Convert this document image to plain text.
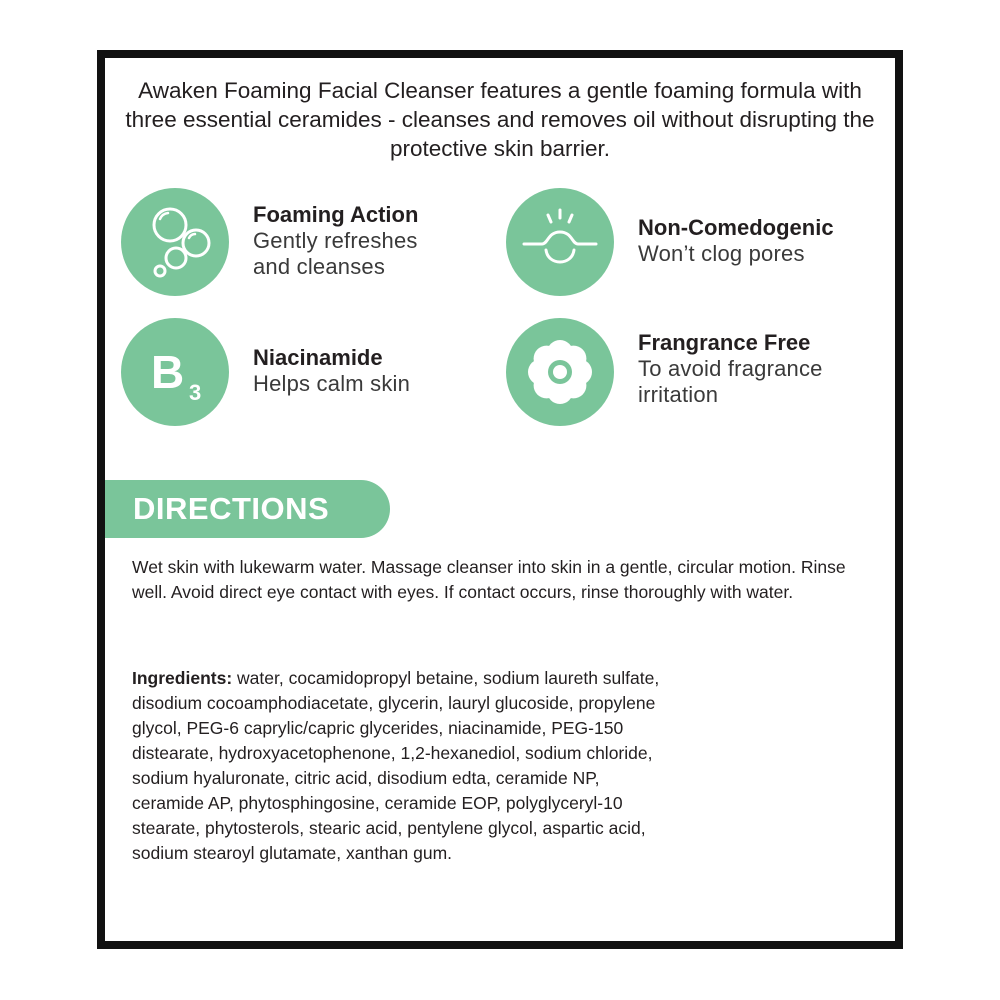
Awaken Foaming Facial Cleanser features a gentle foaming formula with three essential ceramides - cleanses and removes oil without disrupting the protective skin barrier.
Foaming Action
Gently refreshes
and cleanses
Non-Comedogenic
Won’t clog pores
B 3
Niacinamide
Helps calm skin
Frangrance Free
To avoid fragrance
irritation
DIRECTIONS
Wet skin with lukewarm water. Massage cleanser into skin in a gentle, circular motion. Rinse well. Avoid direct eye contact with eyes. If contact occurs, rinse thoroughly with water.
Ingredients: water, cocamidopropyl betaine, sodium laureth sulfate, disodium cocoamphodiacetate, glycerin, lauryl glucoside, propylene glycol, PEG-6 caprylic/capric glycerides, niacinamide, PEG-150 distearate, hydroxyacetophenone, 1,2-hexanediol, sodium chloride, sodium hyaluronate, citric acid, disodium edta, ceramide NP, ceramide AP, phytosphingosine, ceramide EOP, polyglyceryl-10 stearate, phytosterols, stearic acid, pentylene glycol, aspartic acid, sodium stearoyl glutamate, xanthan gum.
